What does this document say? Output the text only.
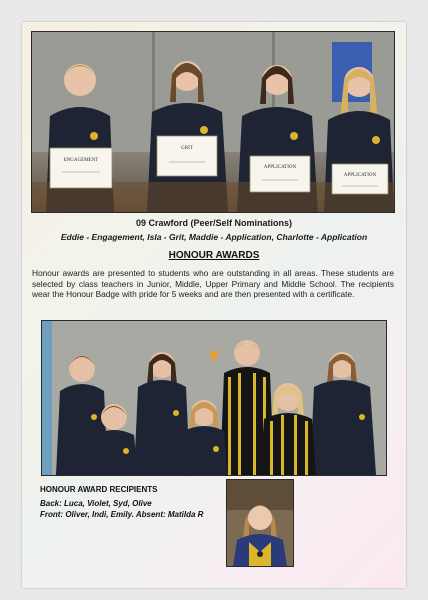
ENGAGEMENT
GRIT
APPLICATION
APPLICATION
09 Crawford (Peer/Self Nominations)
Eddie - Engagement, Isla - Grit, Maddie - Application, Charlotte - Application
HONOUR AWARDS
Honour awards are presented to students who are outstanding in all areas. These students are selected by class teachers in Junior, Middle, Upper Primary and Middle School. The recipients wear the Honour Badge with pride for 5 weeks and are then presented with a certificate.
HONOUR AWARD RECIPIENTS
Back: Luca, Violet, Syd, Olive
Front: Oliver, Indi, Emily. Absent: Matilda R
